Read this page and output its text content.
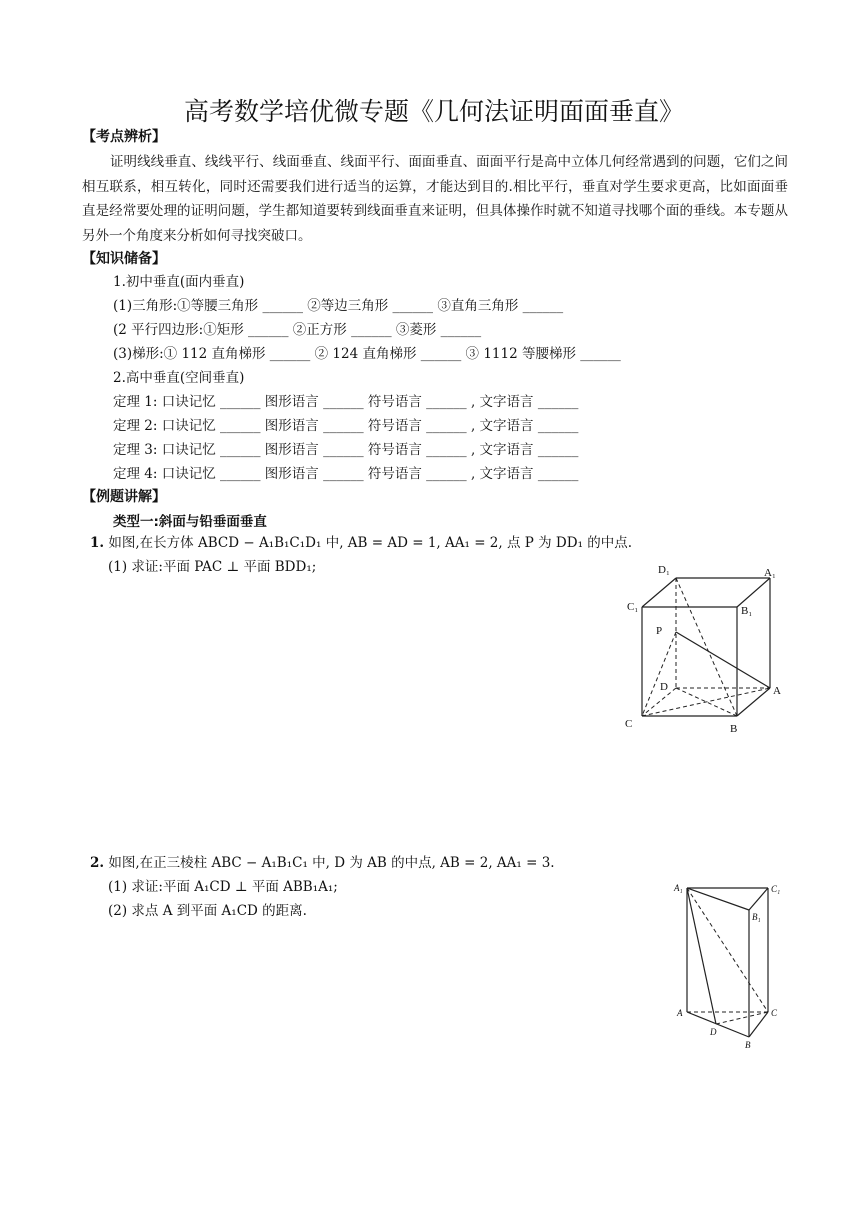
高考数学培优微专题《几何法证明面面垂直》
【考点辨析】
证明线线垂直、线线平行、线面垂直、线面平行、面面垂直、面面平行是高中立体几何经常遇到的问题，它们之间相互联系，相互转化，同时还需要我们进行适当的运算，才能达到目的.相比平行，垂直对学生要求更高，比如面面垂直是经常要处理的证明问题，学生都知道要转到线面垂直来证明，但具体操作时就不知道寻找哪个面的垂线。本专题从另外一个角度来分析如何寻找突破口。
【知识储备】
1.初中垂直(面内垂直)
(1)三角形:①等腰三角形 ______ ②等边三角形 ______ ③直角三角形 ______
(2 平行四边形:①矩形 ______ ②正方形 ______ ③菱形 ______
(3)梯形:① 112 直角梯形 ______ ② 124 直角梯形 ______ ③ 1112 等腰梯形 ______
2.高中垂直(空间垂直)
定理 1: 口诀记忆 ______ 图形语言 ______ 符号语言 ______ , 文字语言 ______
定理 2: 口诀记忆 ______ 图形语言 ______ 符号语言 ______ , 文字语言 ______
定理 3: 口诀记忆 ______ 图形语言 ______ 符号语言 ______ , 文字语言 ______
定理 4: 口诀记忆 ______ 图形语言 ______ 符号语言 ______ , 文字语言 ______
【例题讲解】
类型一:斜面与铅垂面垂直
1. 如图,在长方体 ABCD − A₁B₁C₁D₁ 中, AB = AD = 1, AA₁ = 2, 点 P 为 DD₁ 的中点.
(1) 求证:平面 PAC ⊥ 平面 BDD₁;	D₁	A₁
C₁	B₁
P
D	A
C	B
2. 如图,在正三棱柱 ABC − A₁B₁C₁ 中, D 为 AB 的中点, AB = 2, AA₁ = 3.
(1) 求证:平面 A₁CD ⊥ 平面 ABB₁A₁;
(2) 求点 A 到平面 A₁CD 的距离.
A₁	C₁
B₁
A	C
D
B
